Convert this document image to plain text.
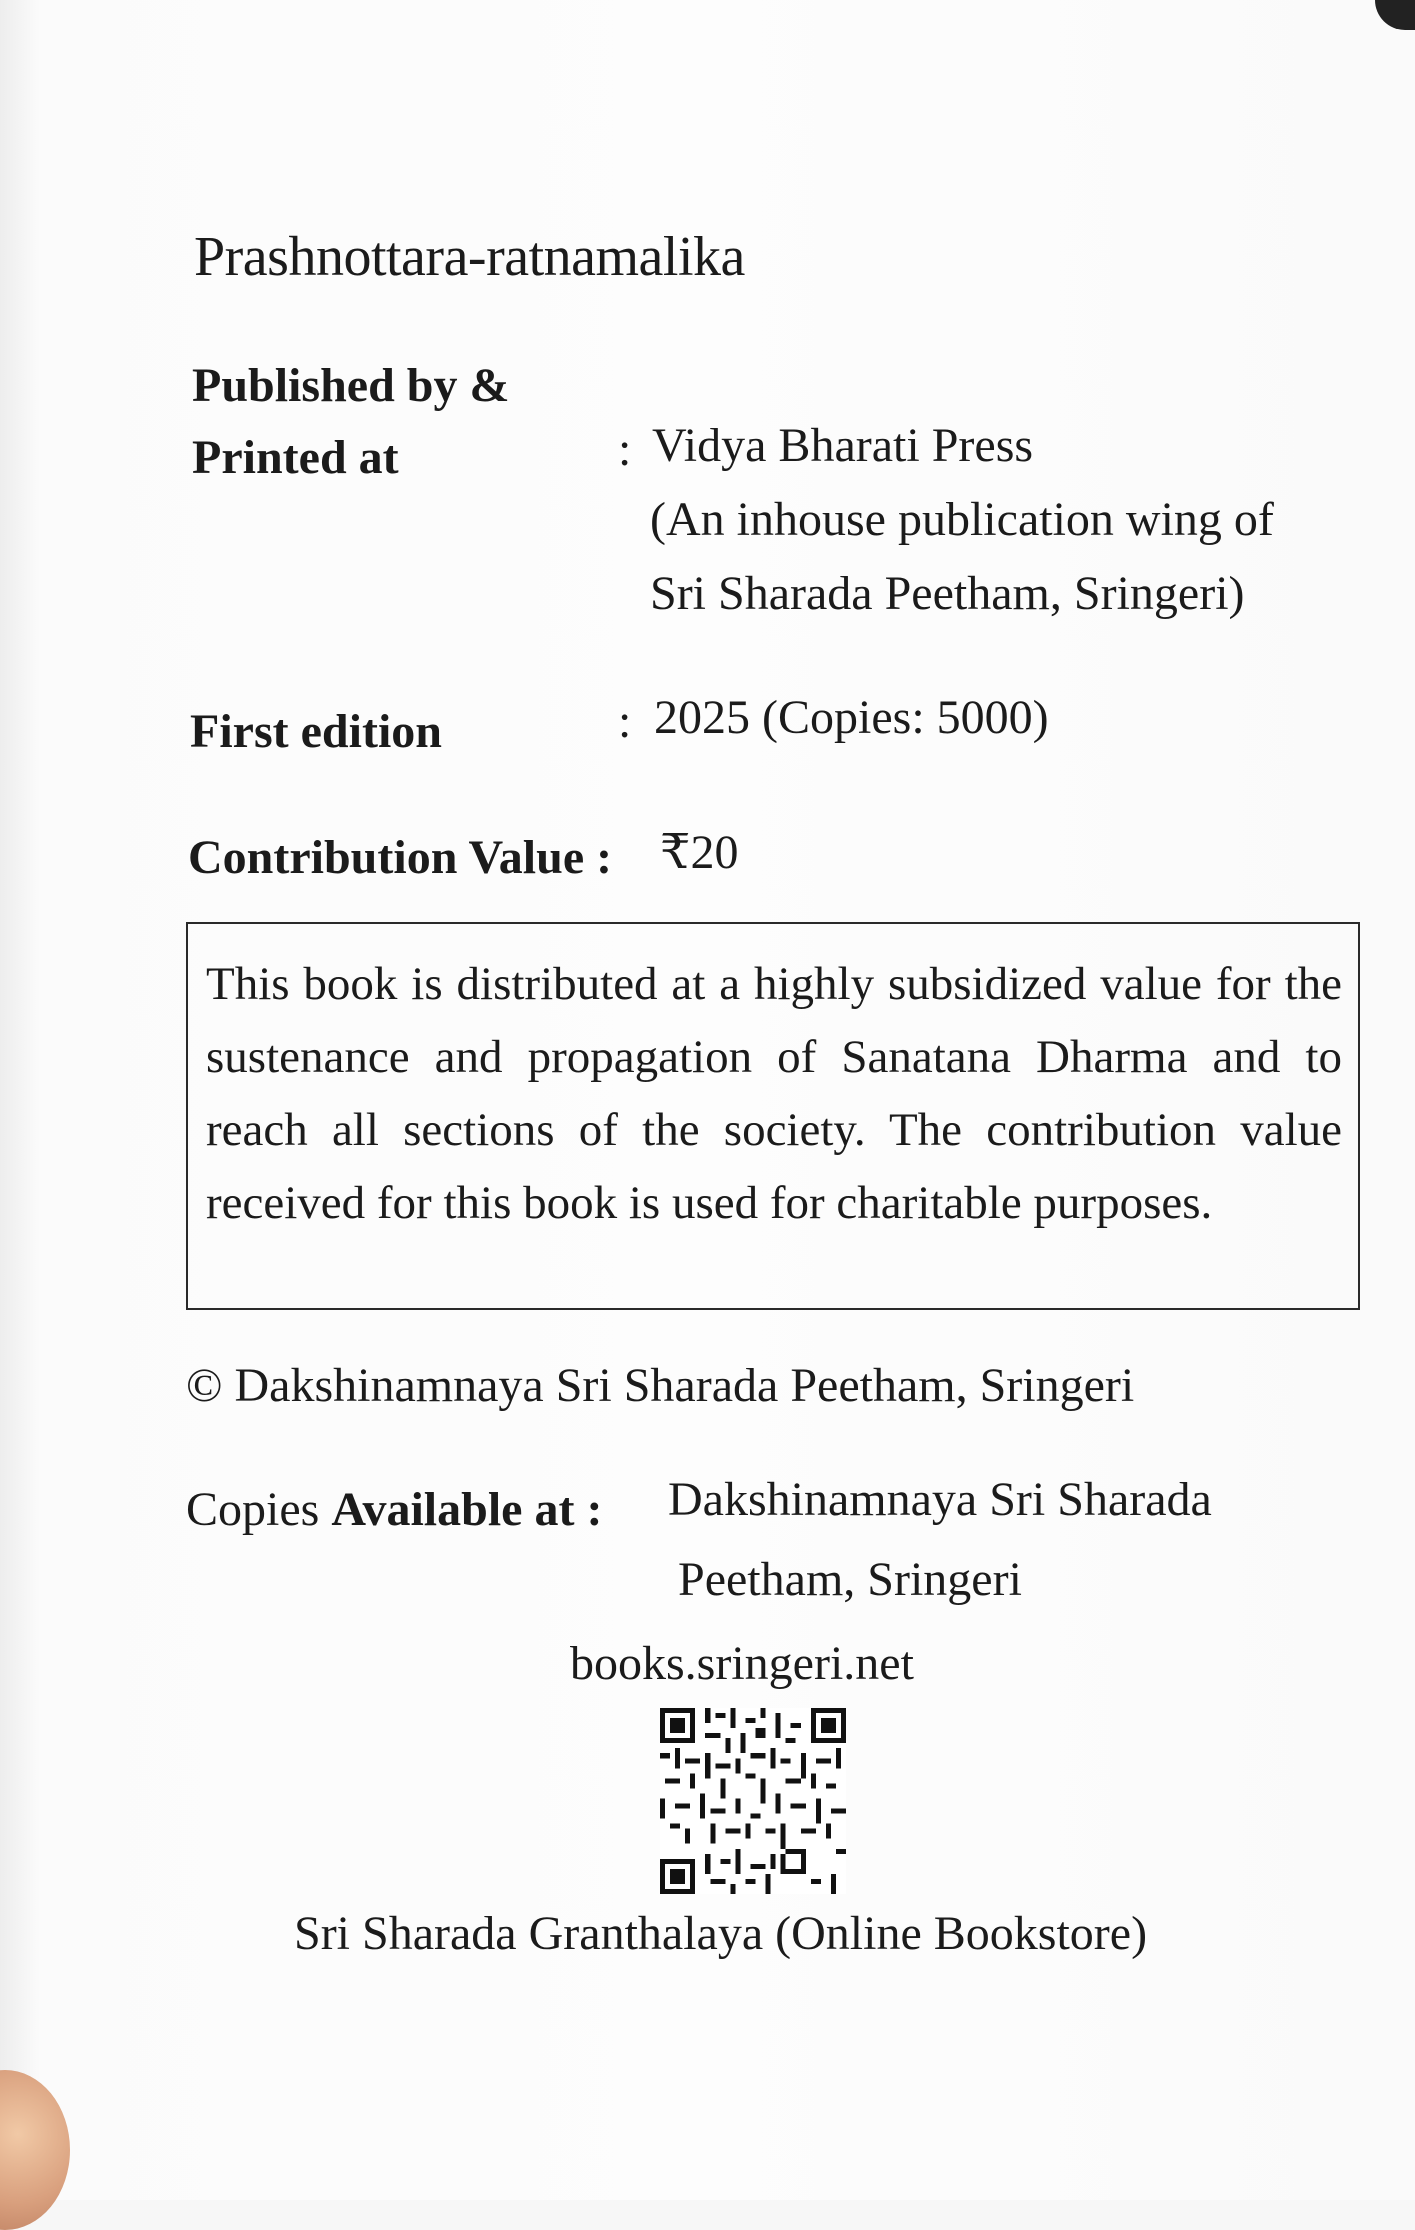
Prashnottara-ratnamalika
Published by &
Printed at	: Vidya Bharati Press
(An inhouse publication wing of
Sri Sharada Peetham, Sringeri)
First edition	: 2025 (Copies: 5000)
Contribution Value : ₹20
This book is distributed at a highly subsidized value for the sustenance and propagation of Sanatana Dharma and to reach all sections of the society. The contribution value received for this book is used for charitable purposes.
© Dakshinamnaya Sri Sharada Peetham, Sringeri
Copies Available at : Dakshinamnaya Sri Sharada
Peetham, Sringeri
books.sringeri.net
Sri Sharada Granthalaya (Online Bookstore)
